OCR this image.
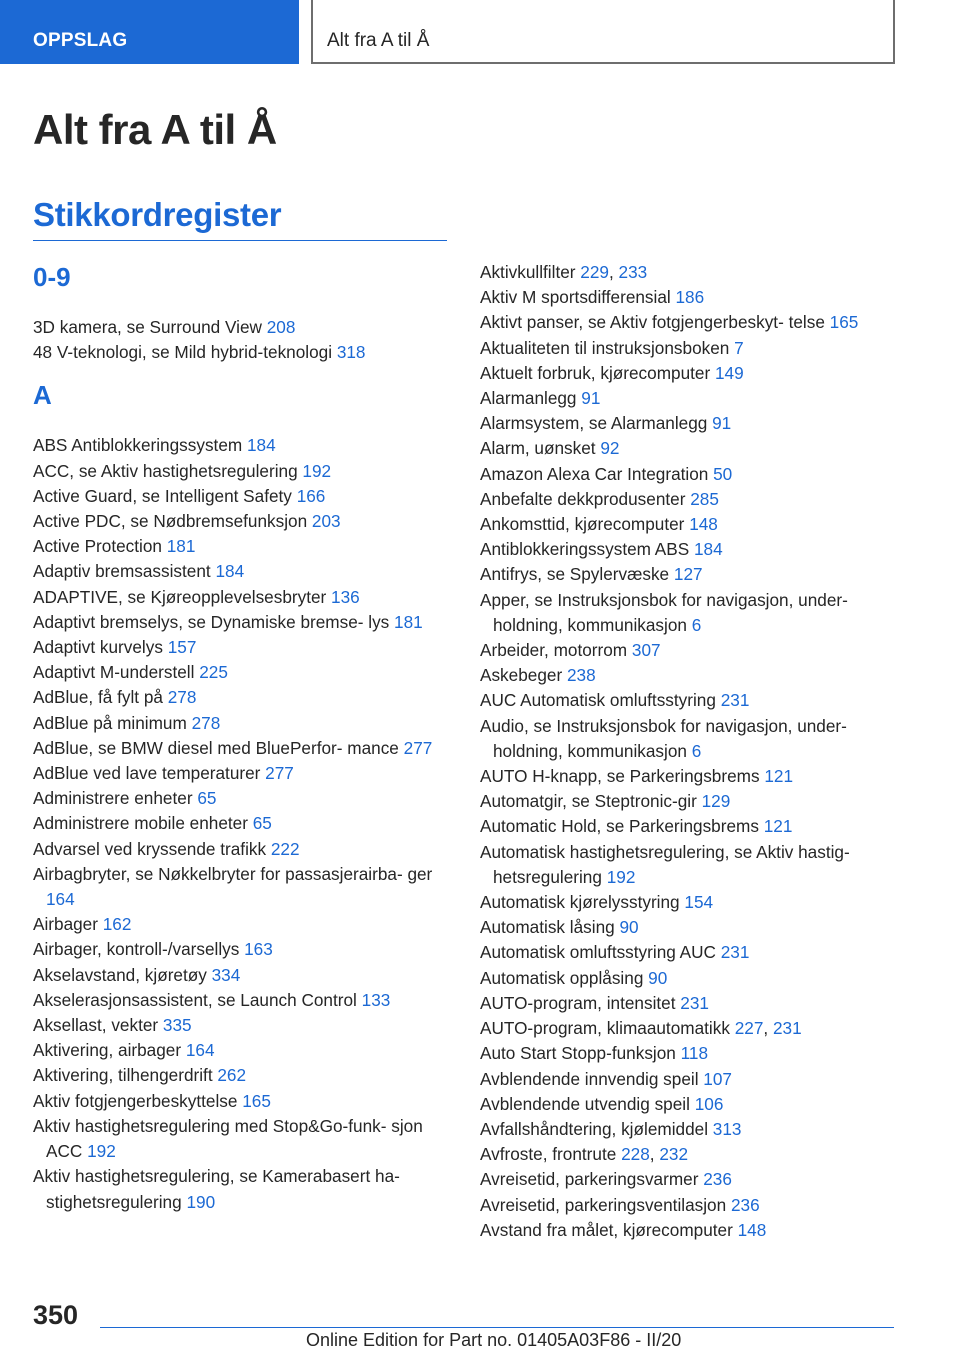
OPPSLAG	Alt fra A til Å
Alt fra A til Å
Stikkordregister
0-9
3D kamera, se Surround View 208
48 V-teknologi, se Mild hybrid-teknologi 318
A
ABS Antiblokkeringssystem 184
ACC, se Aktiv hastighetsregulering 192
Active Guard, se Intelligent Safety 166
Active PDC, se Nødbremsefunksjon 203
Active Protection 181
Adaptiv bremsassistent 184
ADAPTIVE, se Kjøreopplevelsesbryter 136
Adaptivt bremselys, se Dynamiske bremse‐ lys 181
Adaptivt kurvelys 157
Adaptivt M-understell 225
AdBlue, få fylt på 278
AdBlue på minimum 278
AdBlue, se BMW diesel med BluePerfor‐ mance 277
AdBlue ved lave temperaturer 277
Administrere enheter 65
Administrere mobile enheter 65
Advarsel ved kryssende trafikk 222
Airbagbryter, se Nøkkelbryter for passasjerairba‐ ger 164
Airbager 162
Airbager, kontroll-/varsellys 163
Akselavstand, kjøretøy 334
Akselerasjonsassistent, se Launch Control 133
Aksellast, vekter 335
Aktivering, airbager 164
Aktivering, tilhengerdrift 262
Aktiv fotgjengerbeskyttelse 165
Aktiv hastighetsregulering med Stop&Go-funk‐ sjon ACC 192
Aktiv hastighetsregulering, se Kamerabasert ha‐ stighetsregulering 190
Aktivkullfilter 229, 233
Aktiv M sportsdifferensial 186
Aktivt panser, se Aktiv fotgjengerbeskyt‐ telse 165
Aktualiteten til instruksjonsboken 7
Aktuelt forbruk, kjørecomputer 149
Alarmanlegg 91
Alarmsystem, se Alarmanlegg 91
Alarm, uønsket 92
Amazon Alexa Car Integration 50
Anbefalte dekkprodusenter 285
Ankomsttid, kjørecomputer 148
Antiblokkeringssystem ABS 184
Antifrys, se Spylervæske 127
Apper, se Instruksjonsbok for navigasjon, under‐ holdning, kommunikasjon 6
Arbeider, motorrom 307
Askebeger 238
AUC Automatisk omluftsstyring 231
Audio, se Instruksjonsbok for navigasjon, under‐ holdning, kommunikasjon 6
AUTO H-knapp, se Parkeringsbrems 121
Automatgir, se Steptronic-gir 129
Automatic Hold, se Parkeringsbrems 121
Automatisk hastighetsregulering, se Aktiv hastig‐ hetsregulering 192
Automatisk kjørelysstyring 154
Automatisk låsing 90
Automatisk omluftsstyring AUC 231
Automatisk opplåsing 90
AUTO-program, intensitet 231
AUTO-program, klimaautomatikk 227, 231
Auto Start Stopp-funksjon 118
Avblendende innvendig speil 107
Avblendende utvendig speil 106
Avfallshåndtering, kjølemiddel 313
Avfroste, frontrute 228, 232
Avreisetid, parkeringsvarmer 236
Avreisetid, parkeringsventilasjon 236
Avstand fra målet, kjørecomputer 148
350
Online Edition for Part no. 01405A03F86 - II/20
